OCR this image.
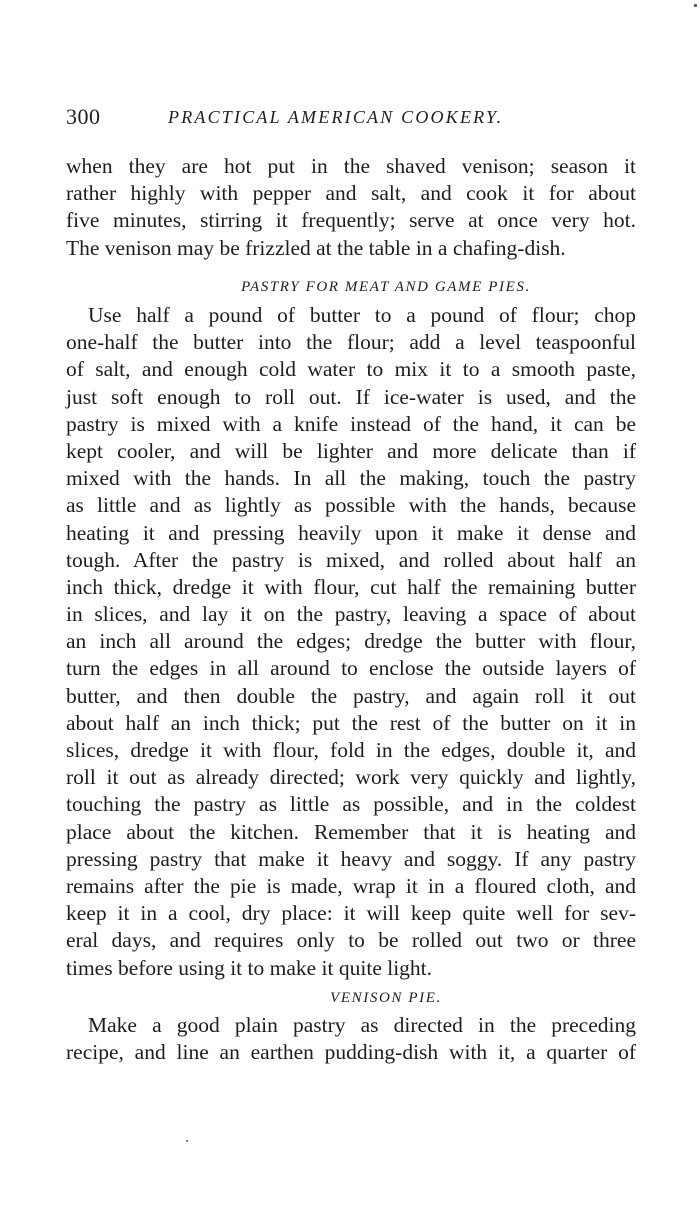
300	PRACTICAL AMERICAN COOKERY.
when they are hot put in the shaved venison; season it
rather highly with pepper and salt, and cook it for about
five minutes, stirring it frequently; serve at once very hot.
The venison may be frizzled at the table in a chafing-dish.
PASTRY FOR MEAT AND GAME PIES.
Use half a pound of butter to a pound of flour; chop
one-half the butter into the flour; add a level teaspoonful
of salt, and enough cold water to mix it to a smooth paste,
just soft enough to roll out. If ice-water is used, and the
pastry is mixed with a knife instead of the hand, it can be
kept cooler, and will be lighter and more delicate than if
mixed with the hands. In all the making, touch the pastry
as little and as lightly as possible with the hands, because
heating it and pressing heavily upon it make it dense and
tough. After the pastry is mixed, and rolled about half an
inch thick, dredge it with flour, cut half the remaining butter
in slices, and lay it on the pastry, leaving a space of about
an inch all around the edges; dredge the butter with flour,
turn the edges in all around to enclose the outside layers of
butter, and then double the pastry, and again roll it out
about half an inch thick; put the rest of the butter on it in
slices, dredge it with flour, fold in the edges, double it, and
roll it out as already directed; work very quickly and lightly,
touching the pastry as little as possible, and in the coldest
place about the kitchen. Remember that it is heating and
pressing pastry that make it heavy and soggy. If any pastry
remains after the pie is made, wrap it in a floured cloth, and
keep it in a cool, dry place: it will keep quite well for sev-
eral days, and requires only to be rolled out two or three
times before using it to make it quite light.
VENISON PIE.
Make a good plain pastry as directed in the preceding
recipe, and line an earthen pudding-dish with it, a quarter of
